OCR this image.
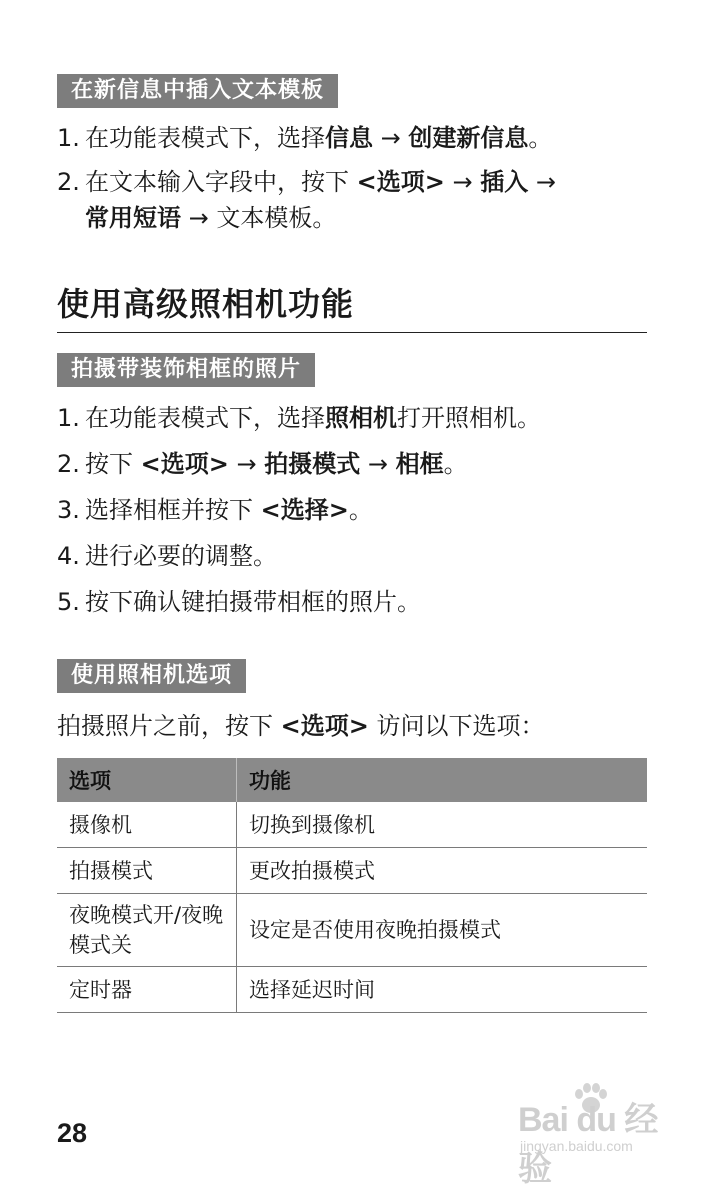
在新信息中插入文本模板
1. 在功能表模式下，选择信息 → 创建新信息。
2. 在文本输入字段中，按下 <选项> → 插入 →
常用短语 → 文本模板。
使用高级照相机功能
拍摄带装饰相框的照片
1. 在功能表模式下，选择照相机打开照相机。
2. 按下 <选项> → 拍摄模式 → 相框。
3. 选择相框并按下 <选择>。
4. 进行必要的调整。
5. 按下确认键拍摄带相框的照片。
使用照相机选项
拍摄照片之前，按下 <选项> 访问以下选项：
选项	功能
摄像机	切换到摄像机
拍摄模式	更改拍摄模式
夜晚模式开/夜晚模式关	设定是否使用夜晚拍摄模式
定时器	选择延迟时间
28	Bai du 经验
jingyan.baidu.com
